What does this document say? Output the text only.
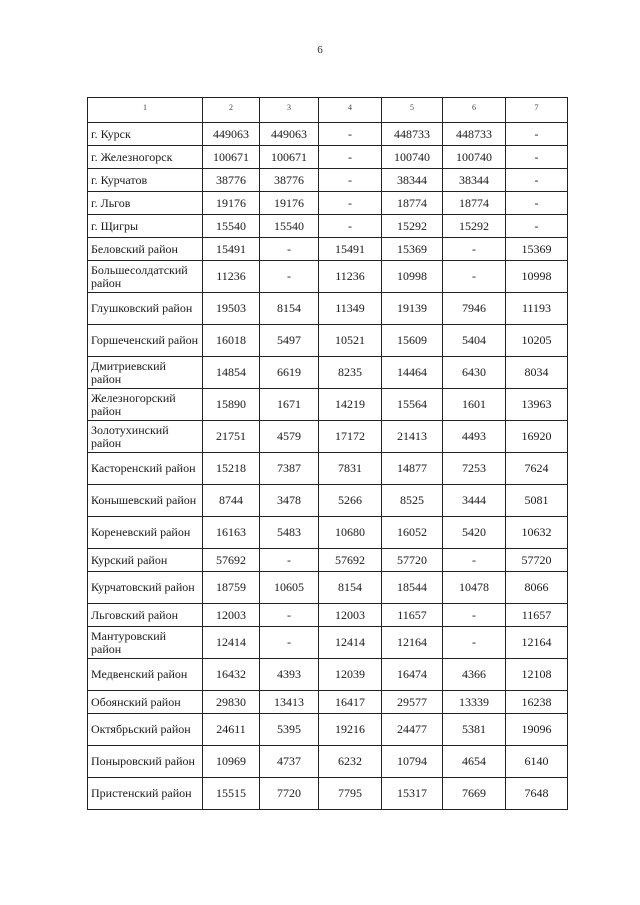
6
1	2	3	4	5	6	7
г. Курск	449063	449063	-	448733	448733	-
г. Железногорск	100671	100671	-	100740	100740	-
г. Курчатов	38776	38776	-	38344	38344	-
г. Льгов	19176	19176	-	18774	18774	-
г. Щигры	15540	15540	-	15292	15292	-
Беловский район	15491	-	15491	15369	-	15369
Большесолдатский район	11236	-	11236	10998	-	10998
Глушковский район	19503	8154	11349	19139	7946	11193
Горшеченский район	16018	5497	10521	15609	5404	10205
Дмитриевский район	14854	6619	8235	14464	6430	8034
Железногорский район	15890	1671	14219	15564	1601	13963
Золотухинский район	21751	4579	17172	21413	4493	16920
Касторенский район	15218	7387	7831	14877	7253	7624
Конышевский район	8744	3478	5266	8525	3444	5081
Кореневский район	16163	5483	10680	16052	5420	10632
Курский район	57692	-	57692	57720	-	57720
Курчатовский район	18759	10605	8154	18544	10478	8066
Льговский район	12003	-	12003	11657	-	11657
Мантуровский район	12414	-	12414	12164	-	12164
Медвенский район	16432	4393	12039	16474	4366	12108
Обоянский район	29830	13413	16417	29577	13339	16238
Октябрьский район	24611	5395	19216	24477	5381	19096
Поныровский район	10969	4737	6232	10794	4654	6140
Пристенский район	15515	7720	7795	15317	7669	7648
